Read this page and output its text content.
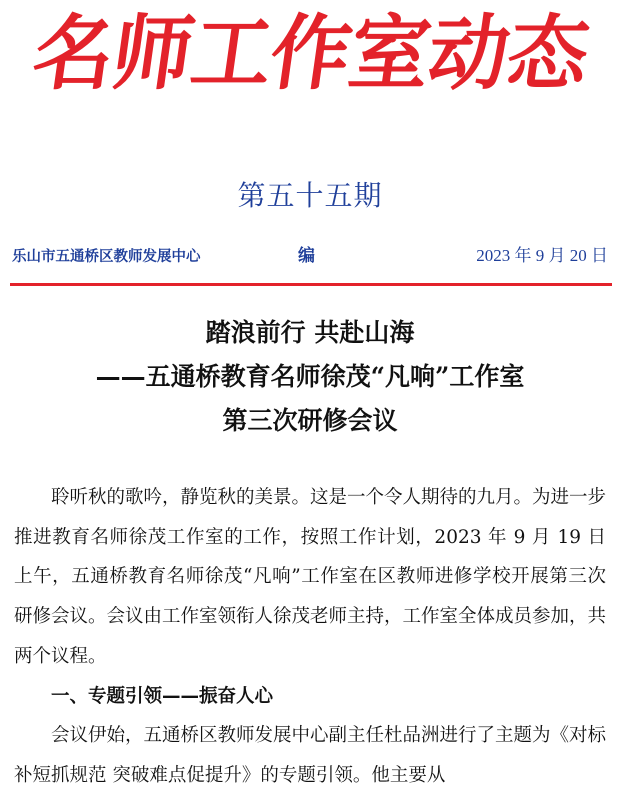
名师工作室动态
第五十五期
乐山市五通桥区教师发展中心	编	2023 年 9 月 20 日
踏浪前行 共赴山海
——五通桥教育名师徐茂“凡响”工作室
第三次研修会议

聆听秋的歌吟，静览秋的美景。这是一个令人期待的九月。为进一步推进教育名师徐茂工作室的工作，按照工作计划，2023 年 9 月 19 日上午，五通桥教育名师徐茂“凡响”工作室在区教师进修学校开展第三次研修会议。会议由工作室领衔人徐茂老师主持，工作室全体成员参加，共两个议程。

一、专题引领——振奋人心

会议伊始，五通桥区教师发展中心副主任杜品洲进行了主题为《对标补短抓规范 突破难点促提升》的专题引领。他主要从
